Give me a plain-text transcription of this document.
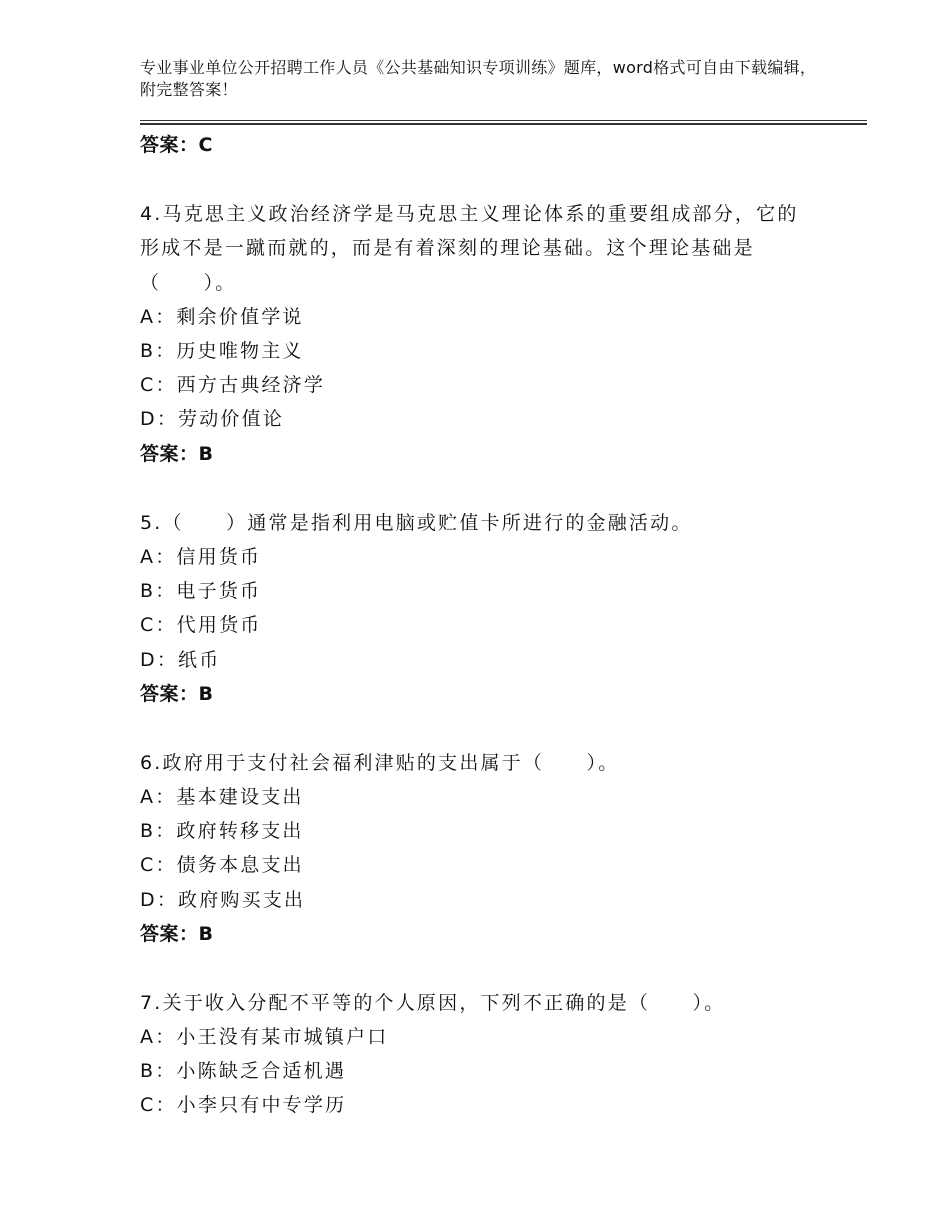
专业事业单位公开招聘工作人员《公共基础知识专项训练》题库，word格式可自由下载编辑，附完整答案！
答案：C

4.马克思主义政治经济学是马克思主义理论体系的重要组成部分，它的形成不是一蹴而就的，而是有着深刻的理论基础。这个理论基础是（　　）。

A：剩余价值学说
B：历史唯物主义
C：西方古典经济学
D：劳动价值论
答案：B

5.（　　）通常是指利用电脑或贮值卡所进行的金融活动。

A：信用货币
B：电子货币
C：代用货币
D：纸币
答案：B

6.政府用于支付社会福利津贴的支出属于（　　）。

A：基本建设支出
B：政府转移支出
C：债务本息支出
D：政府购买支出
答案：B

7.关于收入分配不平等的个人原因，下列不正确的是（　　）。

A：小王没有某市城镇户口
B：小陈缺乏合适机遇
C：小李只有中专学历
